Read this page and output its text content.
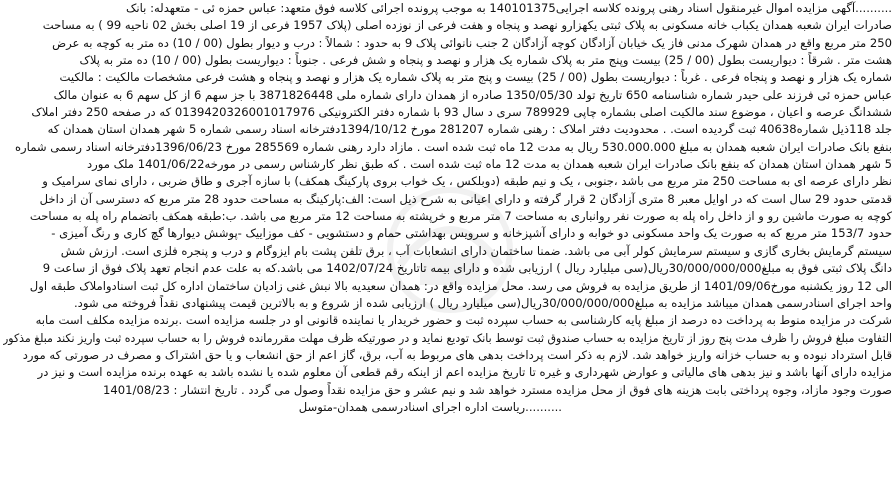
..........آگهی مزایده اموال غیرمنقول اسناد رهنی پرونده کلاسه اجرایی140101375 به موجب پرونده اجرائی کلاسه فوق متعهد: عباس حمزه ئی - متعهدله: بانک
صادرات ایران شعبه همدان یکباب خانه مسکونی به پلاک ثبتی یکهزارو نهصد و پنجاه و هفت فرعی از نوزده اصلی (پلاک 1957 فرعی از 19 اصلی بخش 02 ناحیه 99 ) به مساحت
250 متر مربع واقع در همدان شهرک مدنی فاز یک خیابان آزادگان کوچه آزادگان 2 جنب نانوائی پلاک 9 به حدود : شمالاً : درب و دیوار بطول (00 / 10) ده متر به کوچه به عرض
هشت متر . شرقاً : دیواریست بطول (00 / 25) بیست وپنج متر به پلاک شماره یک هزار و نهصد و پنجاه و شش فرعی . جنوباً : دیواریست بطول (00 / 10) ده متر به پلاک
شماره یک هزار و نهصد و پنجاه فرعی . غرباً : دیواریست بطول (00 / 25) بیست و پنج متر به پلاک شماره یک هزار و نهصد و پنجاه و هشت فرعی مشخصات مالکیت : مالکیت
عباس حمزه ئی فرزند علی حیدر شماره شناسنامه 650 تاریخ تولد 1350/05/30 صادره از همدان دارای شماره ملی 3871826448 با جز سهم 6 از کل سهم 6 به عنوان مالک
ششدانگ عرصه و اعیان ، موضوع سند مالکیت اصلی بشماره چاپی 789929 سری د سال 93 با شماره دفتر الکترونیکی 013942032600101​7976 که در صفحه 250 دفتر املاک
جلد 118ذیل شماره40638 ثبت گردیده است. . محدودیت دفتر املاک : رهنی شماره 281207 مورخ 1394/10/12دفترخانه اسناد رسمی شماره 5 شهر همدان استان همدان که
بنفع بانک صادرات ایران شعبه همدان به مبلغ 530.000.000 ریال به مدت 12 ماه ثبت شده است . مازاد دارد رهنی شماره 285569 مورخ 1396/06/23دفترخانه اسناد رسمی شماره
5 شهر همدان استان همدان که بنفع بانک صادرات ایران شعبه همدان به مدت 12 ماه ثبت شده است . که طبق نظر کارشناس رسمی در مورخه1401/06/22 ملک مورد
نظر دارای عرصه ای به مساحت 250 متر مربع می باشد ،جنوبی ، یک و نیم طبقه (دوبلکس ، یک خواب بروی پارکینگ همکف) با سازه آجری و طاق ضربی ، دارای نمای سرامیک و
قدمتی حدود 29 سال است که در اوایل معبر 8 متری آزادگان 2 قرار گرفته و دارای اعیانی به شرح ذیل است: الف:پارکینگ به مساحت حدود 28 متر مربع که دسترسی آن از داخل
کوچه به صورت ماشین رو و از داخل راه پله به صورت نفر روانباری به مساحت 7 متر مربع و خرپشته به مساحت 12 متر مربع می باشد. ب:طبقه همکف باتضمام راه پله به مساحت
حدود 153/7 متر مربع که به صورت یک واحد مسکونی دو خوابه و دارای آشپزخانه و سرویس بهداشتی حمام و دستشویی - کف موزاییک -پوشش دیوارها گچ کاری و رنگ آمیزی -
سیستم گرمایش بخاری گازی و سیستم سرمایش کولر آبی می باشد. ضمنا ساختمان دارای انشعابات آب ، برق تلفن پشت بام ایزوگام و درب و پنجره فلزی است. ارزش شش
دانگ پلاک ثبتی فوق به مبلغ30/000/000/000ریال(سی میلیارد ریال ) ارزیابی شده و دارای بیمه تاتاریخ 1402/07/24 می باشد.که به علت عدم انجام تعهد پلاک فوق از ساعت 9
الی 12 روز یکشنبه مورخ1401/09/06 از طریق مزایده به فروش می رسد. محل مزایده واقع در: همدان سعیدیه بالا نبش غنی زادیان ساختمان اداره کل ثبت اسنادواملاک طبقه اول
واحد اجرای اسنادرسمی همدان میباشد مزایده به مبلغ30/000/000/000ریال(سی میلیارد ریال ) ارزیابی شده از شروع و به بالاترین قیمت پیشنهادی نقداً فروخته می شود.
شرکت در مزایده منوط به پرداخت ده درصد از مبلغ پایه کارشناسی به حساب سپرده ثبت و حضور خریدار یا نماینده قانونی او در جلسه مزایده است .برنده مزایده مکلف است مابه
التفاوت مبلغ فروش را ظرف مدت پنج روز از تاریخ مزایده به حساب صندوق ثبت توسط بانک تودیع نماید و در صورتیکه ظرف مهلت مقررمانده فروش را به حساب سپرده ثبت واریز نکند مبلغ مذکور
قابل استرداد نبوده و به حساب خزانه واریز خواهد شد. لازم به ذکر است پرداخت بدهی های مربوط به آب، برق، گاز اعم از حق انشعاب و یا حق اشتراک و مصرف در صورتی که مورد
مزایده دارای آنها باشد و نیز بدهی های مالیاتی و عوارض شهرداری و غیره تا تاریخ مزایده اعم از اینکه رقم قطعی آن معلوم شده یا نشده باشد به عهده برنده مزایده است و نیز در
صورت وجود مازاد، وجوه پرداختی بابت هزینه های فوق از محل مزایده مسترد خواهد شد و نیم عشر و حق مزایده نقداً وصول می گردد . تاریخ انتشار : 1401/08/23
..........ریاست اداره اجرای اسنادرسمی همدان-متوسل
